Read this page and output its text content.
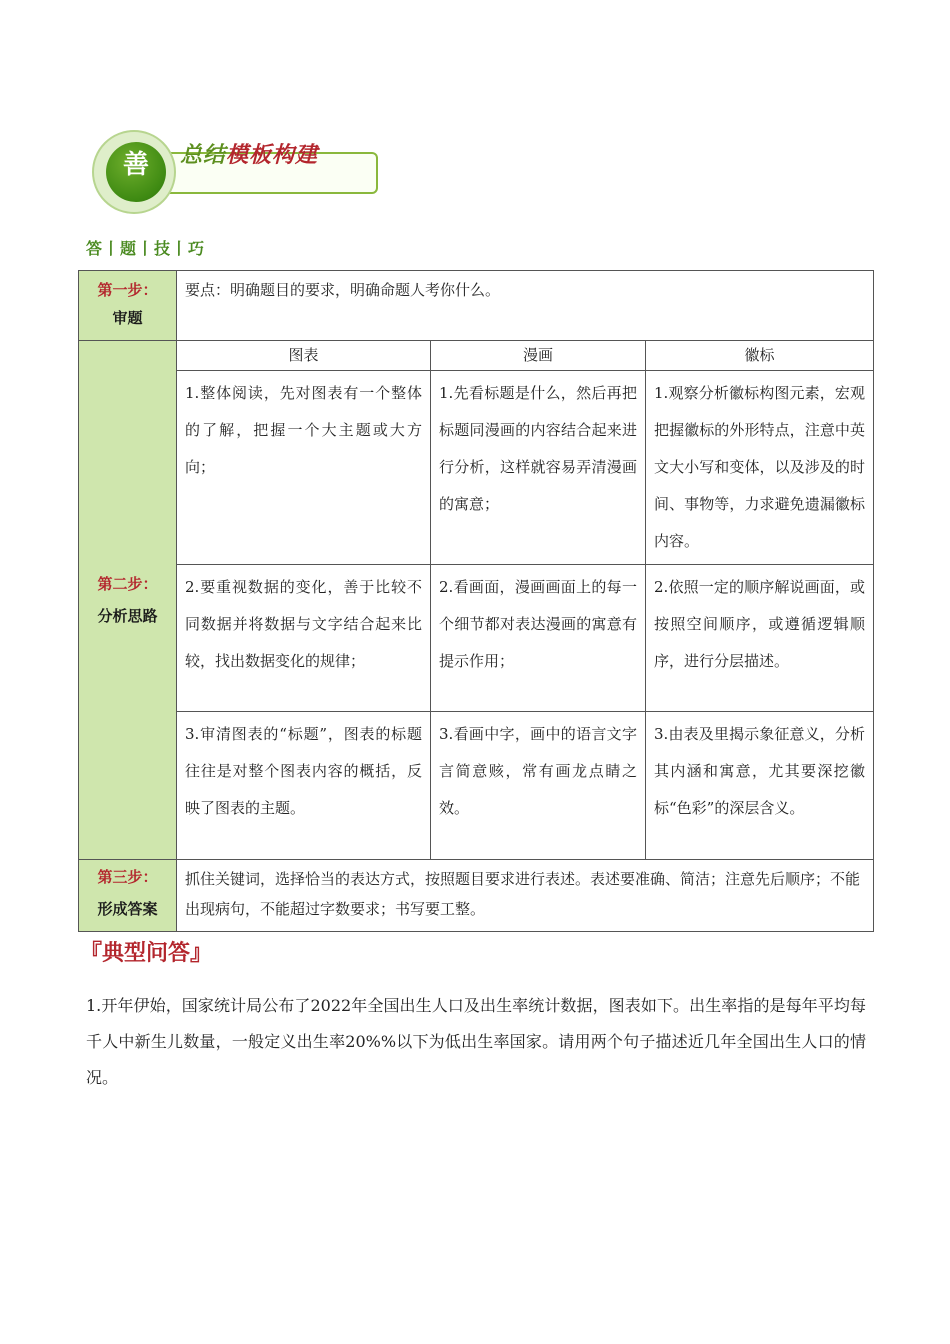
善	总结模板构建
答丨题丨技丨巧
第一步：
审题	要点：明确题目的要求，明确命题人考你什么。		

第二步：
分析思路	图表	漫画	徽标

	1.整体阅读，先对图表有一个整体的了解，把握一个大主题或大方向；	1.先看标题是什么，然后再把标题同漫画的内容结合起来进行分析，这样就容易弄清漫画的寓意；	1.观察分析徽标构图元素，宏观把握徽标的外形特点，注意中英文大小写和变体，以及涉及的时间、事物等，力求避免遗漏徽标内容。

	2.要重视数据的变化，善于比较不同数据并将数据与文字结合起来比较，找出数据变化的规律；	2.看画面，漫画画面上的每一个细节都对表达漫画的寓意有提示作用；	2.依照一定的顺序解说画面，或按照空间顺序，或遵循逻辑顺序，进行分层描述。

	3.审清图表的“标题”，图表的标题往往是对整个图表内容的概括，反映了图表的主题。	3.看画中字，画中的语言文字言简意赅，常有画龙点睛之效。	3.由表及里揭示象征意义，分析其内涵和寓意，尤其要深挖徽标“色彩”的深层含义。

第三步：
形成答案	抓住关键词，选择恰当的表达方式，按照题目要求进行表述。表述要准确、简洁；注意先后顺序；不能出现病句，不能超过字数要求；书写要工整。		
『典型问答』
1.开年伊始，国家统计局公布了2022年全国出生人口及出生率统计数据，图表如下。出生率指的是每年平均每千人中新生儿数量，一般定义出生率20%%以下为低出生率国家。请用两个句子描述近几年全国出生人口的情况。
